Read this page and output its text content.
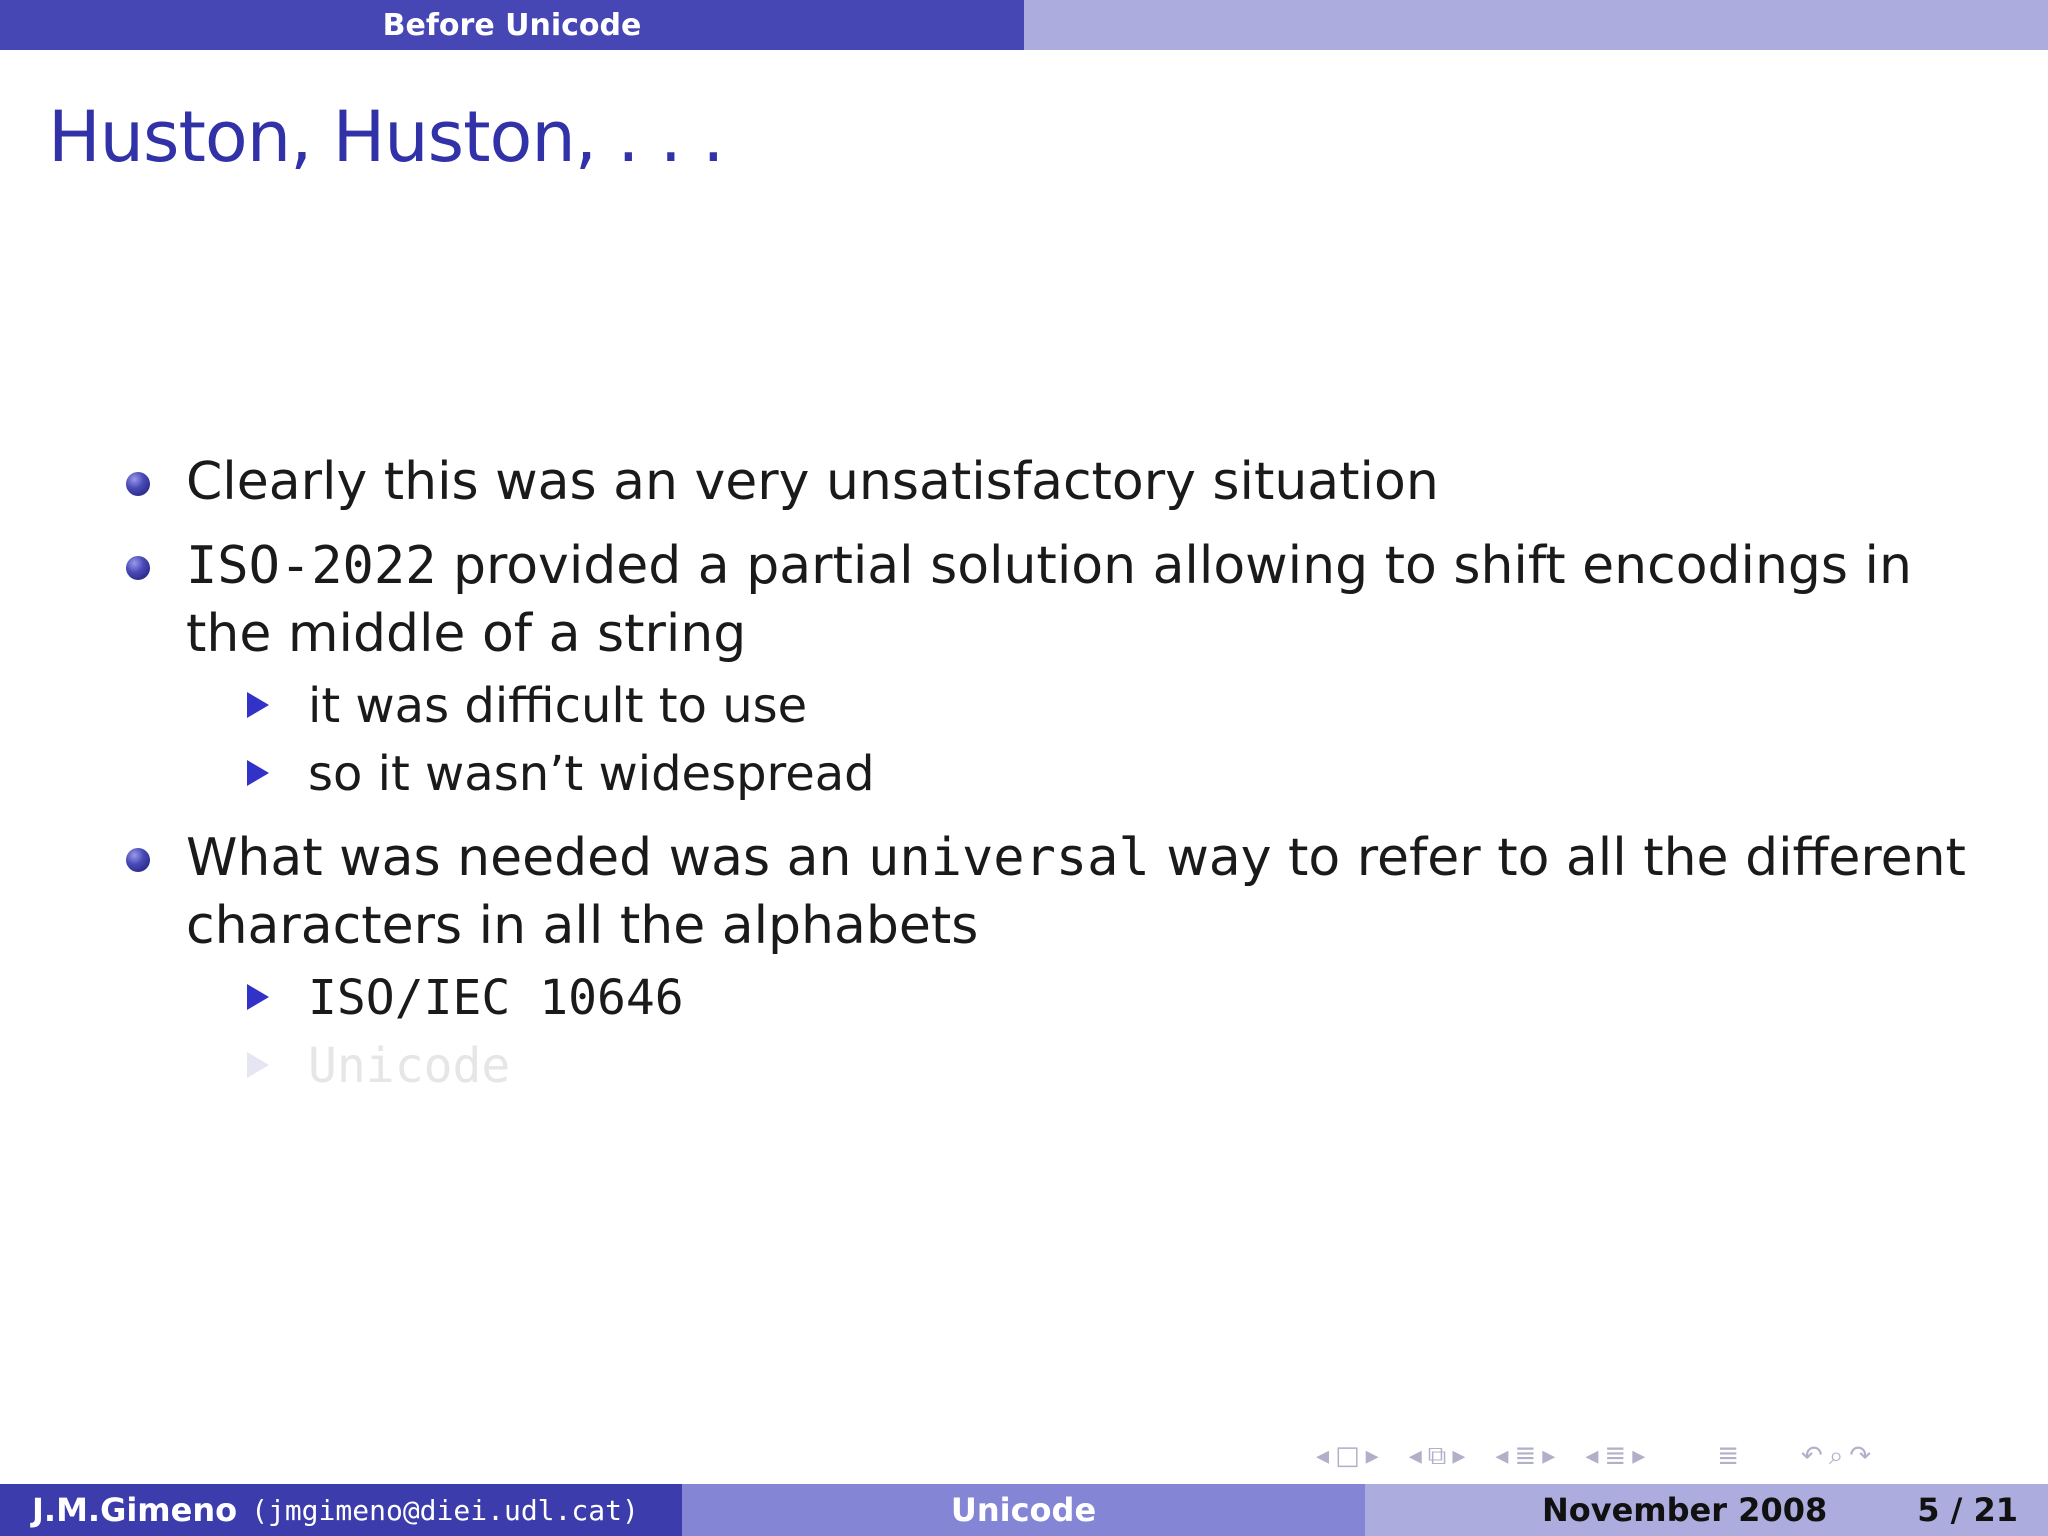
Before Unicode
Huston, Huston, . . .
Clearly this was an very unsatisfactory situation
ISO-2022 provided a partial solution allowing to shift encodings in
the middle of a string
it was difficult to use
so it wasn’t widespread
What was needed was an universal way to refer to all the different
characters in all the alphabets
ISO/IEC 10646
Unicode
◂ □ ▸ ◂ ⧉ ▸ ◂ ≣ ▸ ◂ ≣ ▸	≣ ↶ ⌕ ↷
J.M.Gimeno (jmgimeno@diei.udl.cat)	Unicode	November 2008	5 / 21
